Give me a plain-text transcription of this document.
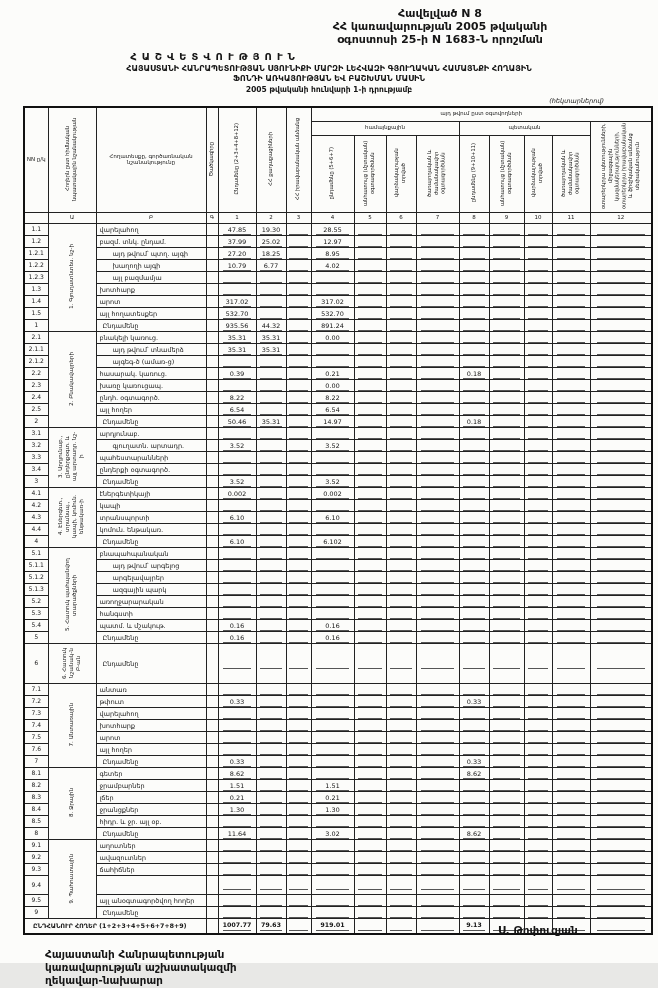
Հավելված N 8
ՀՀ կառավարության 2005 թվականի
օգոստոսի 25-ի N 1683-Ն որոշման
ՀԱՇՎԵՏՎՈՒԹՅՈՒՆ
ՀԱՅԱՍՏԱՆԻ ՀԱՆՐԱՊԵՏՈՒԹՅԱՆ ՍՅՈՒՆԻՔԻ ՄԱՐԶԻ ԼԵՀՎԱԶԻ ԳՅՈՒՂԱԿԱՆ ՀԱՄԱՅՆՔԻ ՀՈՂԱՅԻՆ
ՖՈՆԴԻ ԱՌԿԱՅՈՒԹՅԱՆ ԵՎ ԲԱՇԽՄԱՆ ՄԱՍԻՆ
2005 թվականի հունվարի 1-ի դրությամբ
(հեկտարներով)
NN ը/կ	Հողերն ըստ հիմնական նպատակային նշանակության	Հողատեսքը, գործառնական նշանակությունը	Ծածկագիրը	Ընդամենը (2+3+4+8+12)	ՀՀ քաղաքացիների	ՀՀ իրավաբանական անձանց	այդ թվում ըստ օգտվողների								
							համայնքային				պետական				օտարերկրյա պետությունների, միջազգային կազմակերպությունների, օտարերկրյա իրավաբանական և ֆիզիկական անձանց սեփականություն
							ընդամենը (5+6+7)	անհատույց (մշտական) օգտագործման	վարձակալության տրված	ծառայողական և ժամանակավոր օգտագործման	ընդամենը (9+10+11)	անհատույց (մշտական) օգտագործման	վարձակալության տրված	ծառայողական և ժամանակավոր օգտագործման	
	Ա	Բ	Գ	1	2	3	4	5	6	7	8	9	10	11	12
1.1	1. Գյուղատնտես. նշ-ի	վարելահող		47.85	19.30		28.55								

1.2		բազմ. տնկ. ընդամ.		37.99	25.02		12.97								

1.2.1		այդ թվում՝ պտղ. այգի		27.20	18.25		8.95								

1.2.2		խաղողի այգի		10.79	6.77		4.02								

1.2.3		այլ բազմամյա		

1.3		խոտհարք		

1.4		արոտ		317.02			317.02								

1.5		այլ հողատեսքեր		532.70			532.70								

1		Ընդամենը		935.56	44.32		891.24								

2.1	2. Բնակավայրերի	բնակելի կառուց.		35.31	35.31		0.00								

2.1.1		այդ թվում՝ տնամերձ		35.31	35.31										

2.1.2		այգեգ-ծ (ամառ-ց)		

2.2		հասարակ. կառուց.		0.39			0.21				0.18				

2.3		խառը կառուցապ.					0.00								

2.4		ընդհ. օգտագործ.		8.22			8.22								

2.5		այլ հողեր		6.54			6.54								

2		Ընդամենը		50.46	35.31		14.97				0.18				

3.1	3. Արդյունաբ., ընդերքօգտ. և այլ արտադր. նշ-ի	արդյունաբ.		

3.2		գյուղատն. արտադր.		3.52			3.52								

3.3		պահեստարանների		

3.4		ընդերքի օգտագործ.		

3		Ընդամենը		3.52			3.52								

4.1	4. Էներգետ., տրանսպ., կապի, կոմուն. ենթակառ-ի	էներգետիկայի		0.002			0.002								

4.2		կապի		

4.3		տրանսպորտի		6.10			6.10								

4.4		կոմուն. ենթակառ.		

4		Ընդամենը		6.10			6.102								

5.1	5. Հատուկ պահպանվող տարածքների	բնապահպանական		

5.1.1		այդ թվում՝ արգելոց		

5.1.2		արգելավայրեր		

5.1.3		ազգային պարկ		

5.2		առողջարարական		

5.3		հանգստի		

5.4		պատմ. և մշակութ.		0.16			0.16								

5		Ընդամենը		0.16			0.16								

6	6. Հատուկ նշանակ-ն Բ-ան	Ընդամենը		

7.1	7. Անտառային	անտառ		

7.2		թփուտ		0.33							0.33				

7.3		վարելահող		

7.4		խոտհարք		

7.5		արոտ		

7.6		այլ հողեր		

7		Ընդամենը		0.33							0.33				

8.1	8. Ջրային	գետեր		8.62							8.62				

8.2		ջրամբարներ		1.51			1.51								

8.3		լճեր		0.21			0.21								

8.4		ջրանցքներ		1.30			1.30								

8.5		հիդր. և ջր. այլ օբ.		

8		Ընդամենը		11.64			3.02				8.62				

9.1	9. Պահուստային	աղուտներ		

9.2		ավազուտներ		

9.3		ճահիճներ		

9.4				

9.5		այլ անօգտագործվող հողեր		

9		Ընդամենը		

ԸՆԴՀԱՆՈՒՐ ՀՈՂԵՐ (1+2+3+4+5+6+7+8+9)				1007.77	79.63		919.01				9.13				

Հայաստանի Հանրապետության
կառավարության աշխատակազմի
ղեկավար-նախարար
Ս. Թոփուզյան
